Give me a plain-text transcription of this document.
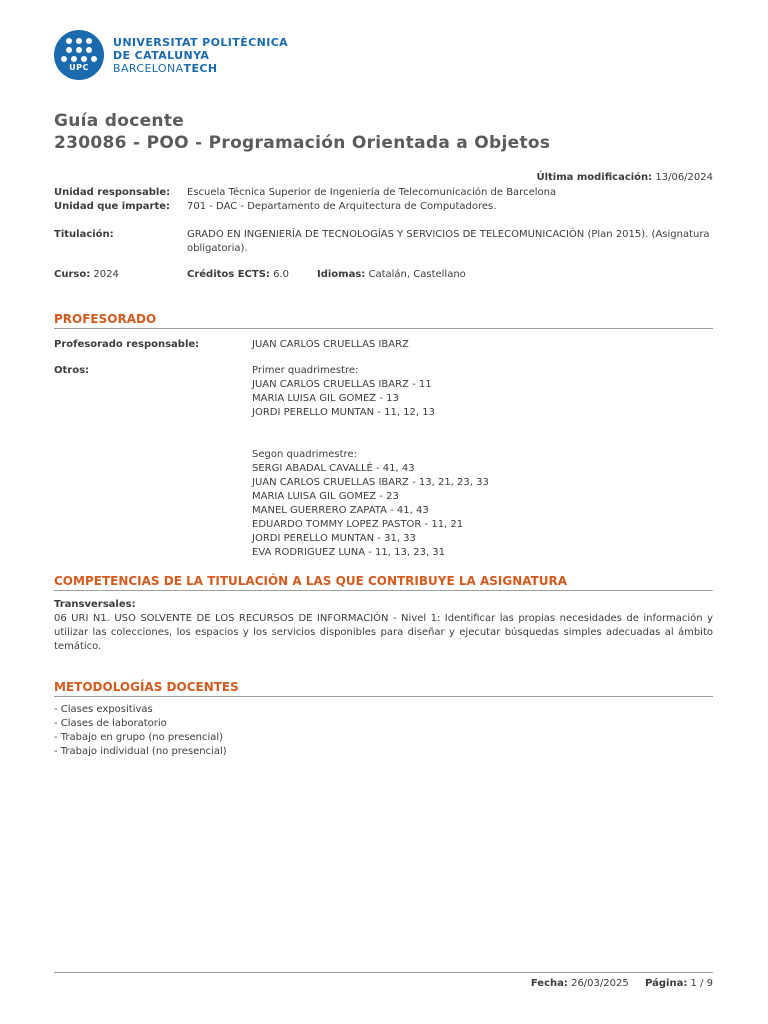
UPC
UNIVERSITAT POLITÈCNICA
DE CATALUNYA
BARCELONATECH
Guía docente
230086 - POO - Programación Orientada a Objetos
Última modificación: 13/06/2024
Unidad responsable: Escuela Técnica Superior de Ingeniería de Telecomunicación de Barcelona
Unidad que imparte: 701 - DAC - Departamento de Arquitectura de Computadores.
Titulación:	GRADO EN INGENIERÍA DE TECNOLOGÍAS Y SERVICIOS DE TELECOMUNICACIÓN (Plan 2015). (Asignatura obligatoria).
Curso: 2024	Créditos ECTS: 6.0	Idiomas: Catalán, Castellano
PROFESORADO
Profesorado responsable:	JUAN CARLOS CRUELLAS IBARZ
Otros:	Primer quadrimestre:
JUAN CARLOS CRUELLAS IBARZ - 11
MARIA LUISA GIL GOMEZ - 13
JORDI PERELLO MUNTAN - 11, 12, 13
Segon quadrimestre:
SERGI ABADAL CAVALLÉ - 41, 43
JUAN CARLOS CRUELLAS IBARZ - 13, 21, 23, 33
MARIA LUISA GIL GOMEZ - 23
MANEL GUERRERO ZAPATA - 41, 43
EDUARDO TOMMY LOPEZ PASTOR - 11, 21
JORDI PERELLO MUNTAN - 31, 33
EVA RODRIGUEZ LUNA - 11, 13, 23, 31
COMPETENCIAS DE LA TITULACIÓN A LAS QUE CONTRIBUYE LA ASIGNATURA
Transversales:
06 URI N1. USO SOLVENTE DE LOS RECURSOS DE INFORMACIÓN - Nivel 1: Identificar las propias necesidades de información y utilizar las colecciones, los espacios y los servicios disponibles para diseñar y ejecutar búsquedas simples adecuadas al ámbito temático.
METODOLOGÍAS DOCENTES
- Clases expositivas
- Clases de laboratorio
- Trabajo en grupo (no presencial)
- Trabajo individual (no presencial)
Fecha: 26/03/2025 Página: 1 / 9
